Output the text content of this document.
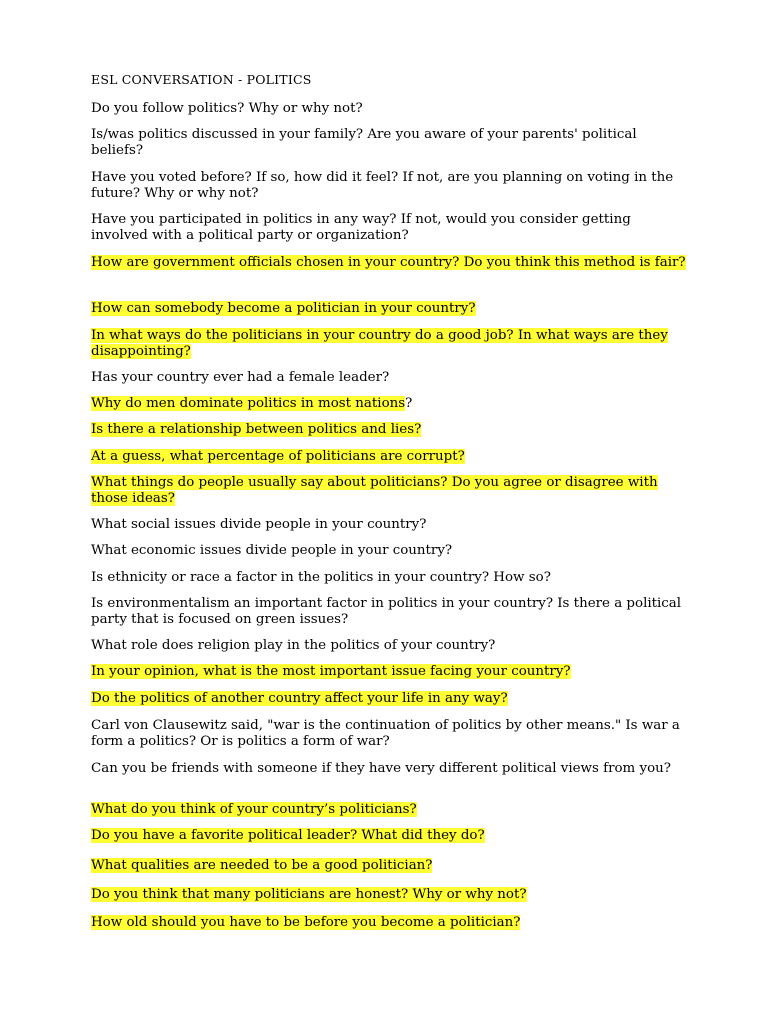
ESL CONVERSATION - POLITICS

Do you follow politics? Why or why not?

Is/was politics discussed in your family? Are you aware of your parents' political beliefs?

Have you voted before? If so, how did it feel? If not, are you planning on voting in the future? Why or why not?

Have you participated in politics in any way? If not, would you consider getting involved with a political party or organization?

How are government officials chosen in your country? Do you think this method is fair?

How can somebody become a politician in your country?

In what ways do the politicians in your country do a good job? In what ways are they disappointing?

Has your country ever had a female leader?

Why do men dominate politics in most nations?

Is there a relationship between politics and lies?

At a guess, what percentage of politicians are corrupt?

What things do people usually say about politicians? Do you agree or disagree with those ideas?

What social issues divide people in your country?

What economic issues divide people in your country?

Is ethnicity or race a factor in the politics in your country? How so?

Is environmentalism an important factor in politics in your country? Is there a political party that is focused on green issues?

What role does religion play in the politics of your country?

In your opinion, what is the most important issue facing your country?

Do the politics of another country affect your life in any way?

Carl von Clausewitz said, "war is the continuation of politics by other means." Is war a form a politics? Or is politics a form of war?

Can you be friends with someone if they have very different political views from you?

What do you think of your country’s politicians?

Do you have a favorite political leader? What did they do?

What qualities are needed to be a good politician?

Do you think that many politicians are honest? Why or why not?

How old should you have to be before you become a politician?
